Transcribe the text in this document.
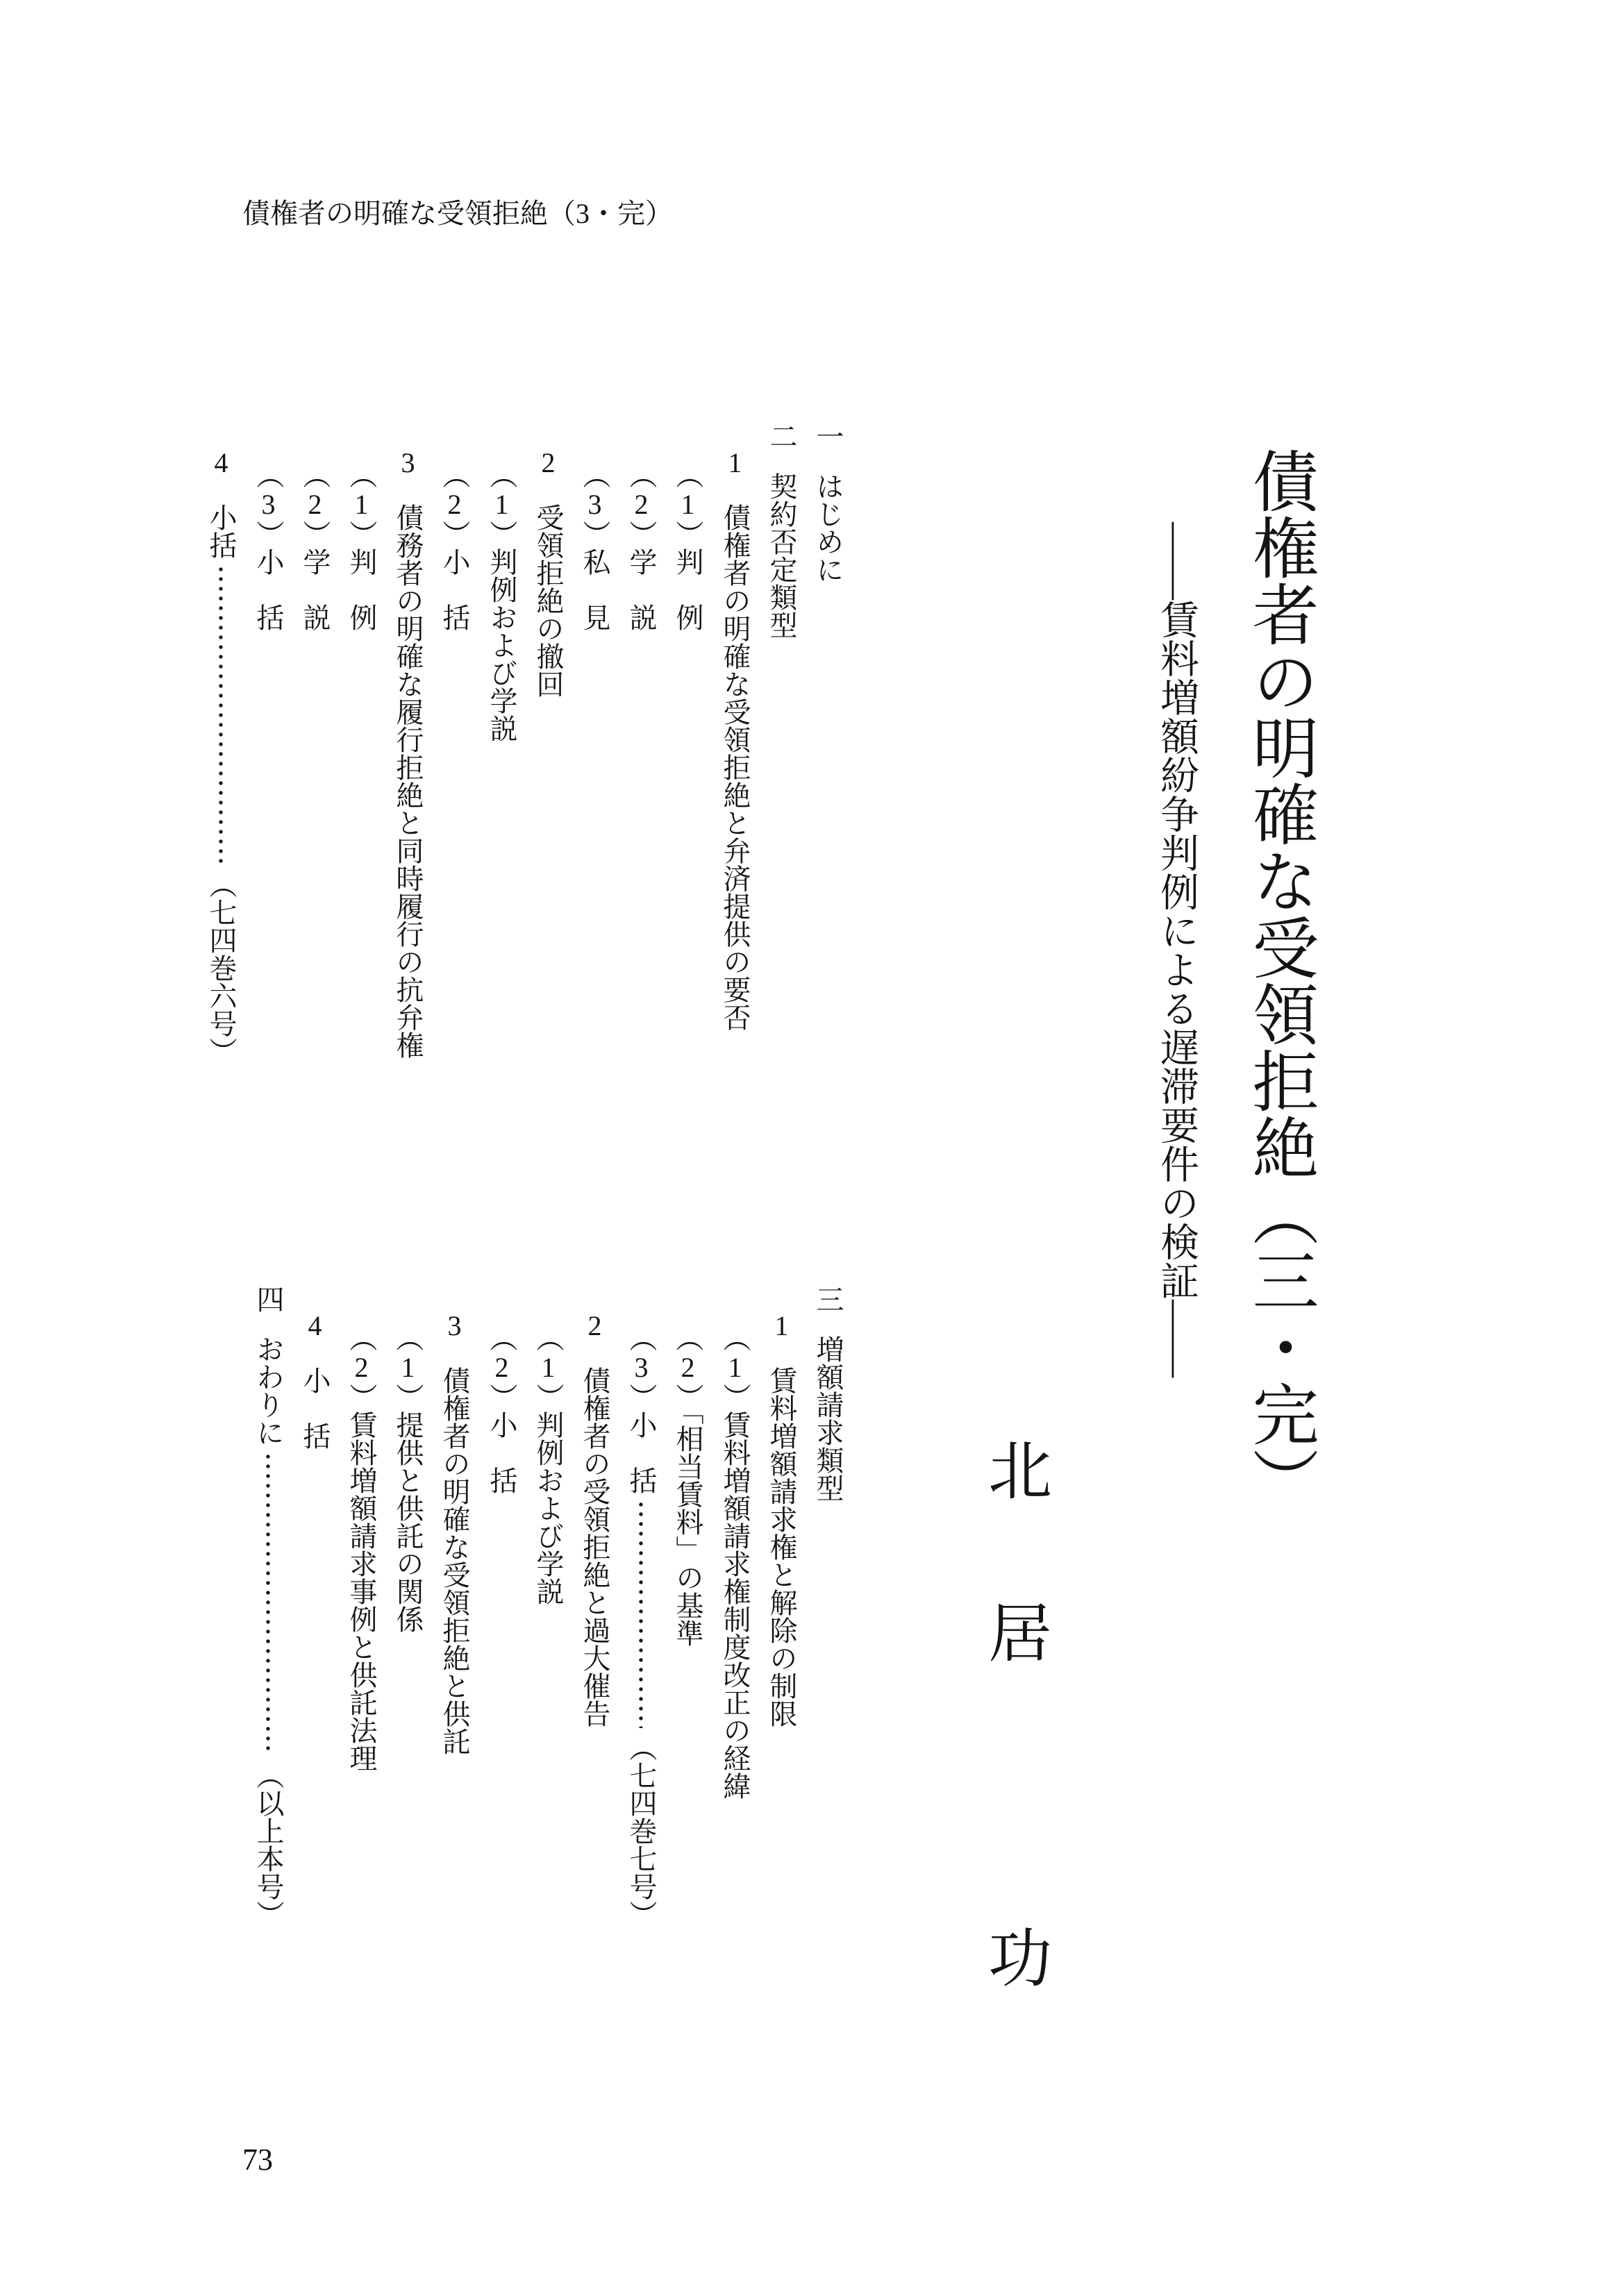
債権者の明確な受領拒絶（3・完）
債権者の明確な受領拒絶（三・完）
――賃料増額紛争判例による遅滞要件の検証――
北居
功
一
はじめに
二
契約否定類型
1
債権者の明確な受領拒絶と弁済提供の要否
（1）判　例
（2）学　説
（3）私　見
2
受領拒絶の撤回
（1）判例および学説
（2）小　括
3
債務者の明確な履行拒絶と同時履行の抗弁権
（1）判　例
（2）学　説
（3）小　括
4
小括
（七四巻六号）
三
増額請求類型
1
賃料増額請求権と解除の制限
（1）賃料増額請求権制度改正の経緯
（2）「相当賃料」の基準
（3）
小　括
（七四巻七号）
2
債権者の受領拒絶と過大催告
（1）判例および学説
（2）小　括
3
債権者の明確な受領拒絶と供託
（1）提供と供託の関係
（2）賃料増額請求事例と供託法理
4
小　括
四
おわりに
（以上本号）
73
